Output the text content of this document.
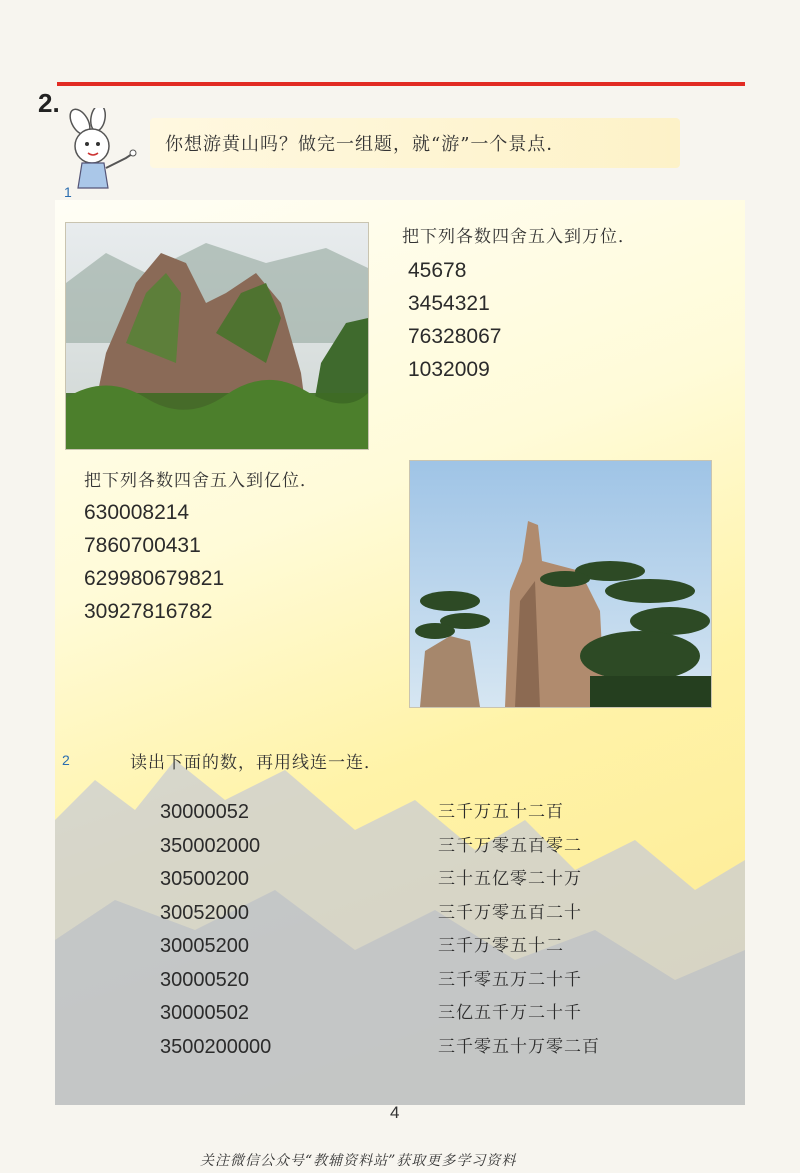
2.
你想游黄山吗？做完一组题，就“游”一个景点．
1
把下列各数四舍五入到万位．
45678
3454321
76328067
1032009
把下列各数四舍五入到亿位．
630008214
7860700431
629980679821
30927816782
2	读出下面的数，再用线连一连．
30000052
350002000
30500200
30052000
30005200
30000520
30000502
3500200000
三千万五十二百
三千万零五百零二
三十五亿零二十万
三千万零五百二十
三千万零五十二
三千零五万二十千
三亿五千万二十千
三千零五十万零二百
4
关注微信公众号“教辅资料站”获取更多学习资料
